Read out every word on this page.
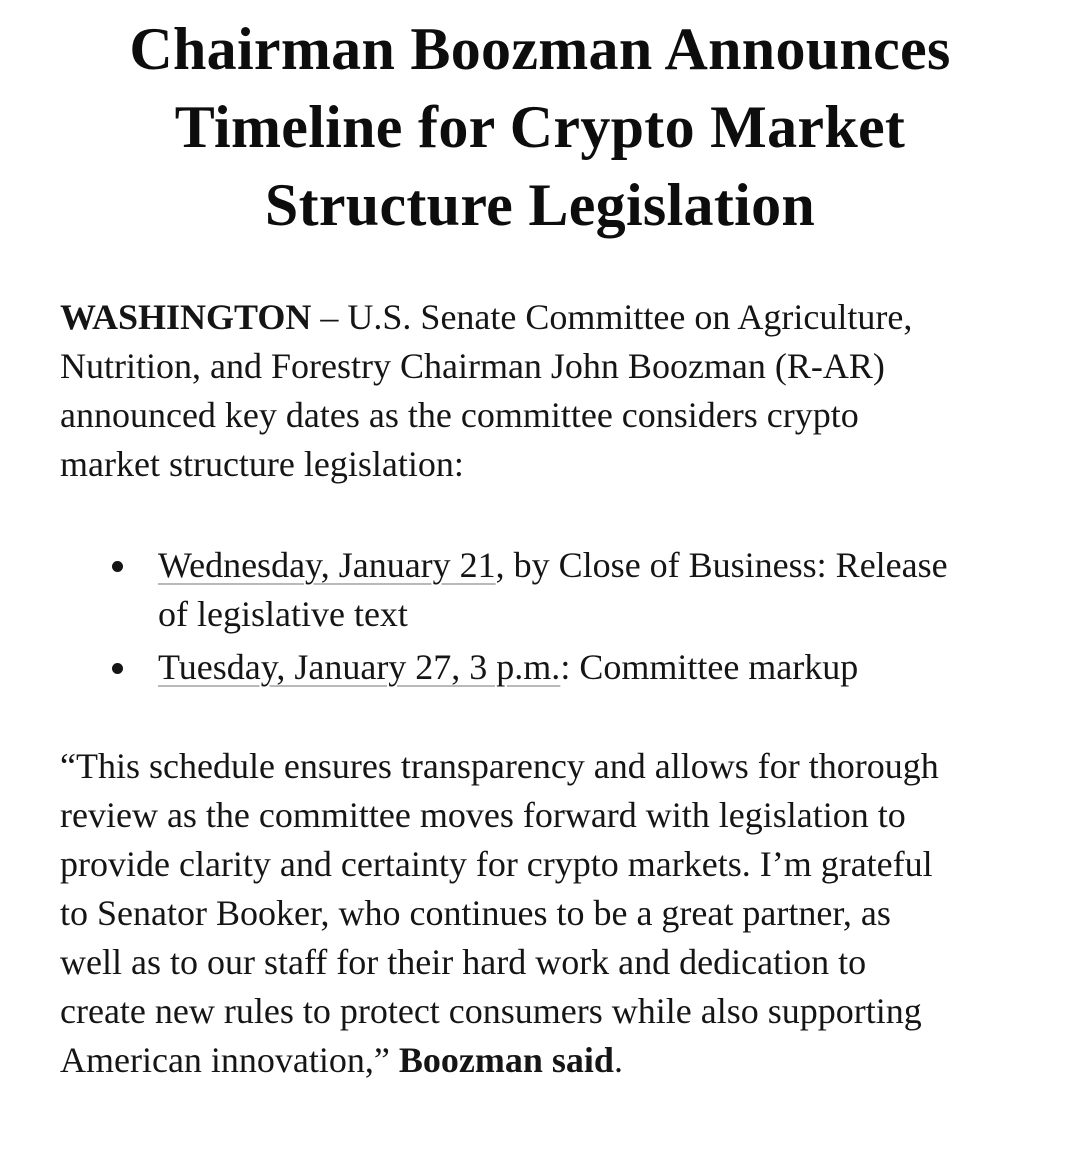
Chairman Boozman Announces
Timeline for Crypto Market
Structure Legislation

WASHINGTON – U.S. Senate Committee on Agriculture,
Nutrition, and Forestry Chairman John Boozman (R-AR)
announced key dates as the committee considers crypto
market structure legislation:

Wednesday, January 21, by Close of Business: Release
of legislative text
Tuesday, January 27, 3 p.m.: Committee markup

“This schedule ensures transparency and allows for thorough
review as the committee moves forward with legislation to
provide clarity and certainty for crypto markets. I’m grateful
to Senator Booker, who continues to be a great partner, as
well as to our staff for their hard work and dedication to
create new rules to protect consumers while also supporting
American innovation,” Boozman said.
